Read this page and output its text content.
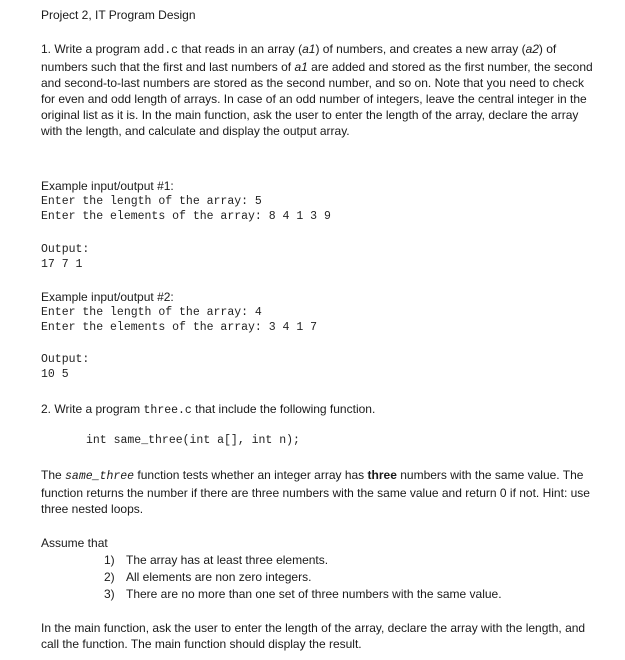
Project 2, IT Program Design
1. Write a program add.c that reads in an array (a1) of numbers, and creates a new array (a2) of numbers such that the first and last numbers of a1 are added and stored as the first number, the second and second-to-last numbers are stored as the second number, and so on. Note that you need to check for even and odd length of arrays. In case of an odd number of integers, leave the central integer in the original list as it is. In the main function, ask the user to enter the length of the array, declare the array with the length, and calculate and display the output array.
Example input/output #1:
Enter the length of the array: 5
Enter the elements of the array: 8 4 1 3 9
Output:
17 7 1
Example input/output #2:
Enter the length of the array: 4
Enter the elements of the array: 3 4 1 7
Output:
10 5
2. Write a program three.c that include the following function.
int same_three(int a[], int n);
The same_three function tests whether an integer array has three numbers with the same value. The function returns the number if there are three numbers with the same value and return 0 if not. Hint: use three nested loops.
Assume that
1) The array has at least three elements.
2) All elements are non zero integers.
3) There are no more than one set of three numbers with the same value.
In the main function, ask the user to enter the length of the array, declare the array with the length, and call the function. The main function should display the result.
